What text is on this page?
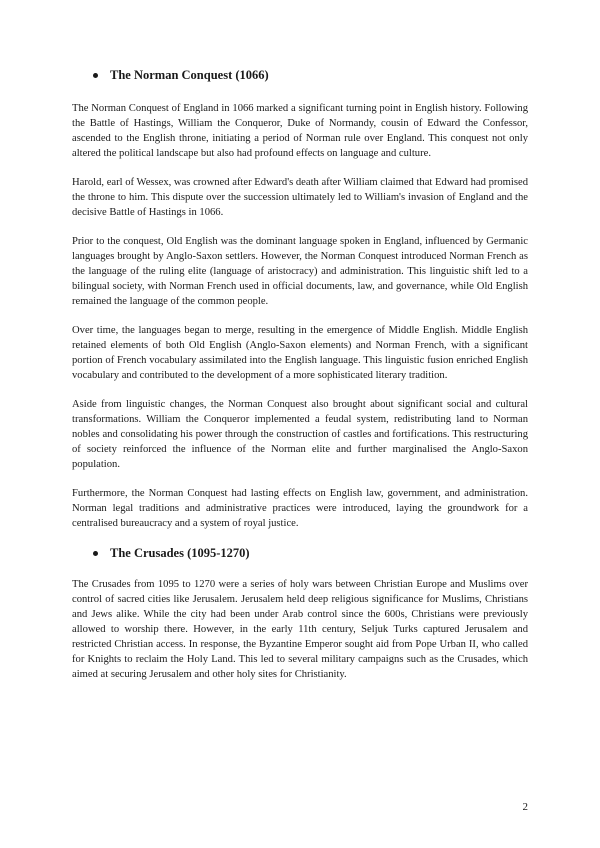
The Norman Conquest (1066)

The Norman Conquest of England in 1066 marked a significant turning point in English history. Following the Battle of Hastings, William the Conqueror, Duke of Normandy, cousin of Edward the Confessor, ascended to the English throne, initiating a period of Norman rule over England. This conquest not only altered the political landscape but also had profound effects on language and culture.

Harold, earl of Wessex, was crowned after Edward's death after William claimed that Edward had promised the throne to him. This dispute over the succession ultimately led to William's invasion of England and the decisive Battle of Hastings in 1066.

Prior to the conquest, Old English was the dominant language spoken in England, influenced by Germanic languages brought by Anglo-Saxon settlers. However, the Norman Conquest introduced Norman French as the language of the ruling elite (language of aristocracy) and administration. This linguistic shift led to a bilingual society, with Norman French used in official documents, law, and governance, while Old English remained the language of the common people.

Over time, the languages began to merge, resulting in the emergence of Middle English. Middle English retained elements of both Old English (Anglo-Saxon elements) and Norman French, with a significant portion of French vocabulary assimilated into the English language. This linguistic fusion enriched English vocabulary and contributed to the development of a more sophisticated literary tradition.

Aside from linguistic changes, the Norman Conquest also brought about significant social and cultural transformations. William the Conqueror implemented a feudal system, redistributing land to Norman nobles and consolidating his power through the construction of castles and fortifications. This restructuring of society reinforced the influence of the Norman elite and further marginalised the Anglo-Saxon population.

Furthermore, the Norman Conquest had lasting effects on English law, government, and administration. Norman legal traditions and administrative practices were introduced, laying the groundwork for a centralised bureaucracy and a system of royal justice.

The Crusades (1095-1270)

The Crusades from 1095 to 1270 were a series of holy wars between Christian Europe and Muslims over control of sacred cities like Jerusalem. Jerusalem held deep religious significance for Muslims, Christians and Jews alike. While the city had been under Arab control since the 600s, Christians were previously allowed to worship there. However, in the early 11th century, Seljuk Turks captured Jerusalem and restricted Christian access. In response, the Byzantine Emperor sought aid from Pope Urban II, who called for Knights to reclaim the Holy Land. This led to several military campaigns such as the Crusades, which aimed at securing Jerusalem and other holy sites for Christianity.

2
